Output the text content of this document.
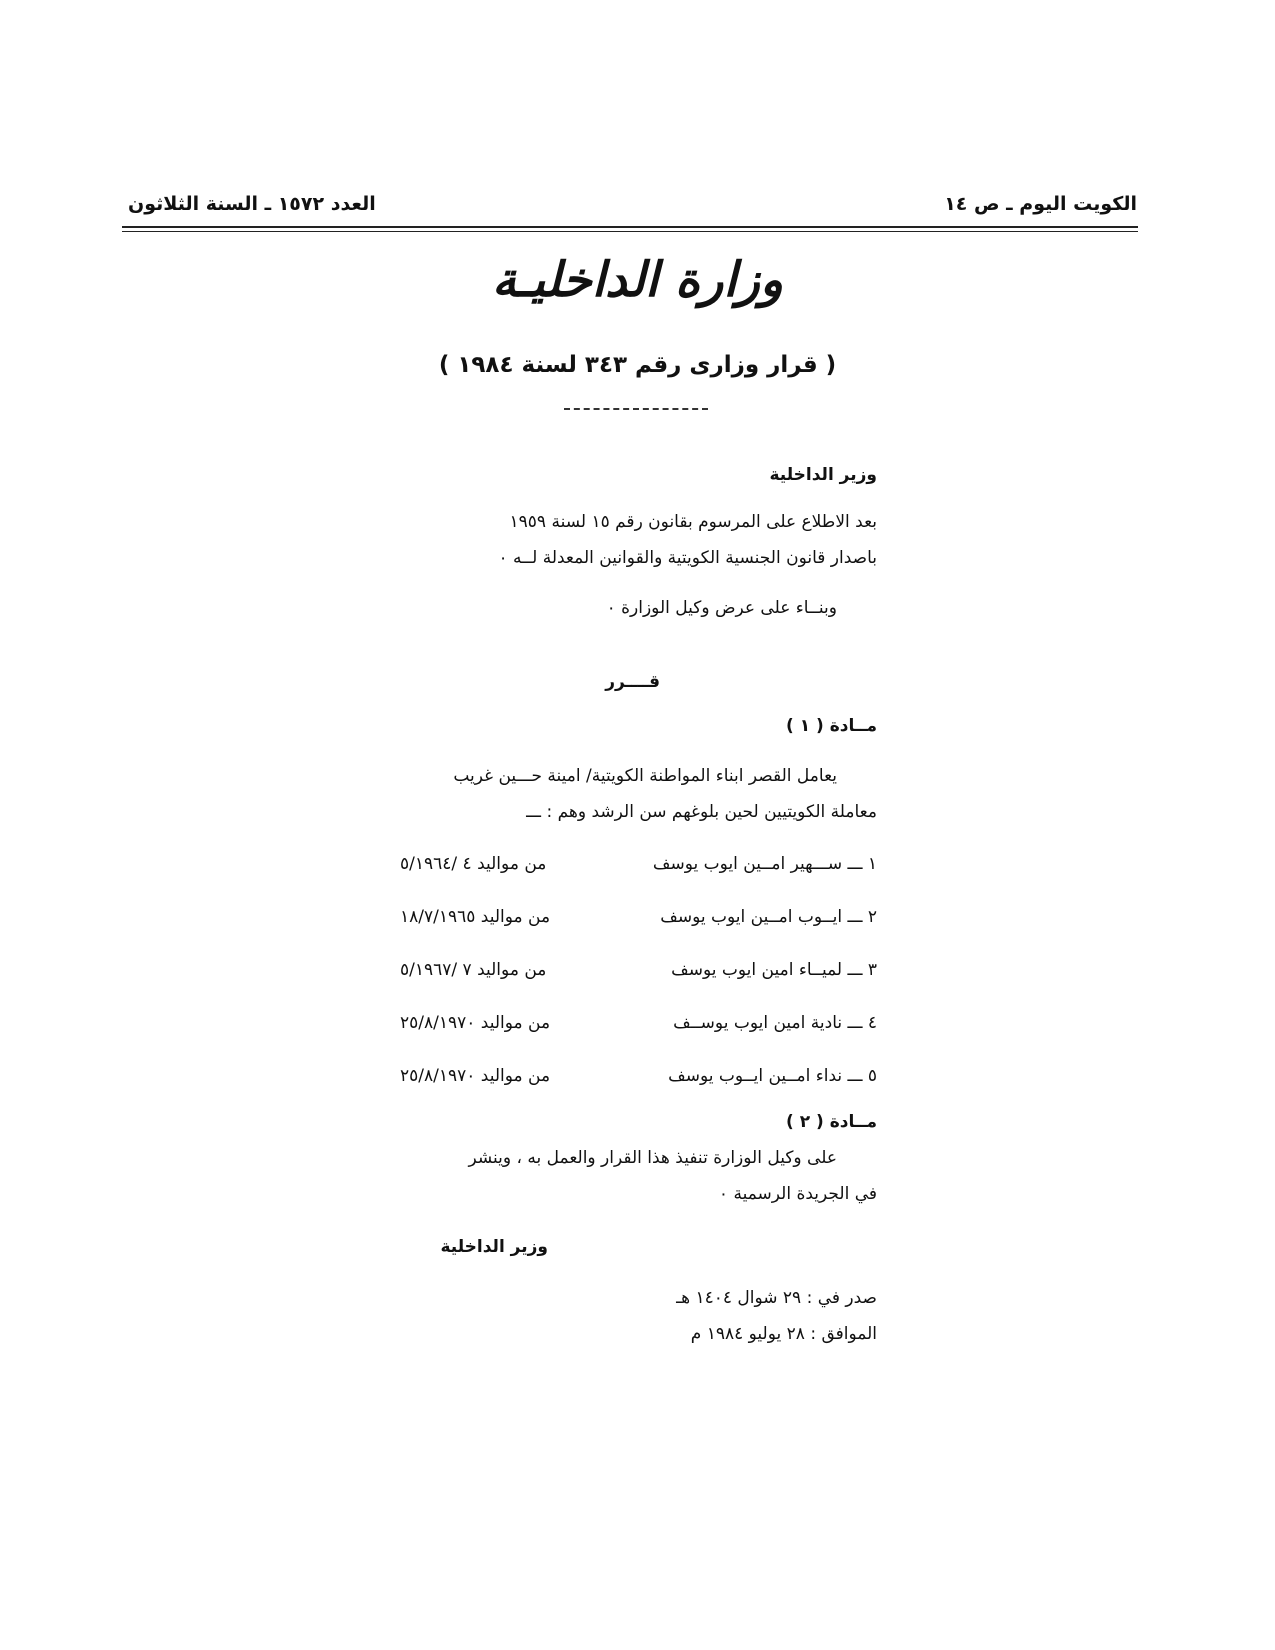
الكويت اليوم ـ ص ١٤
العدد ١٥٧٢ ـ السنة الثلاثون
وزارة الداخليـة
( قرار وزارى رقم ٣٤٣ لسنة ١٩٨٤ )
وزير الداخلية
بعد الاطلاع على المرسوم بقانون رقم ١٥ لسنة ١٩٥٩
باصدار قانون الجنسية الكويتية والقوانين المعدلة لــه ٠
وبنــاء على عرض وكيل الوزارة ٠
قــــرر
مــادة ( ١ )
يعامل القصر ابناء المواطنة الكويتية/ امينة حـــين غريب
معاملة الكويتيين لحين بلوغهم سن الرشد وهم : ـــ
١ ـــ ســـهير امــين ايوب يوسف
من مواليد ٤ /٥/١٩٦٤
٢ ـــ ايــوب امــين ايوب يوسف
من مواليد ١٨/٧/١٩٦٥
٣ ـــ لميــاء امين ايوب يوسف
من مواليد ٧ /٥/١٩٦٧
٤ ـــ نادية امين ايوب يوســف
من مواليد ٢٥/٨/١٩٧٠
٥ ـــ نداء امــين ايــوب يوسف
من مواليد ٢٥/٨/١٩٧٠
مــادة ( ٢ )
على وكيل الوزارة تنفيذ هذا القرار والعمل به ، وينشر
في الجريدة الرسمية ٠
وزير الداخلية
صدر في : ٢٩ شوال ١٤٠٤ هـ
الموافق : ٢٨ يوليو ١٩٨٤ م
